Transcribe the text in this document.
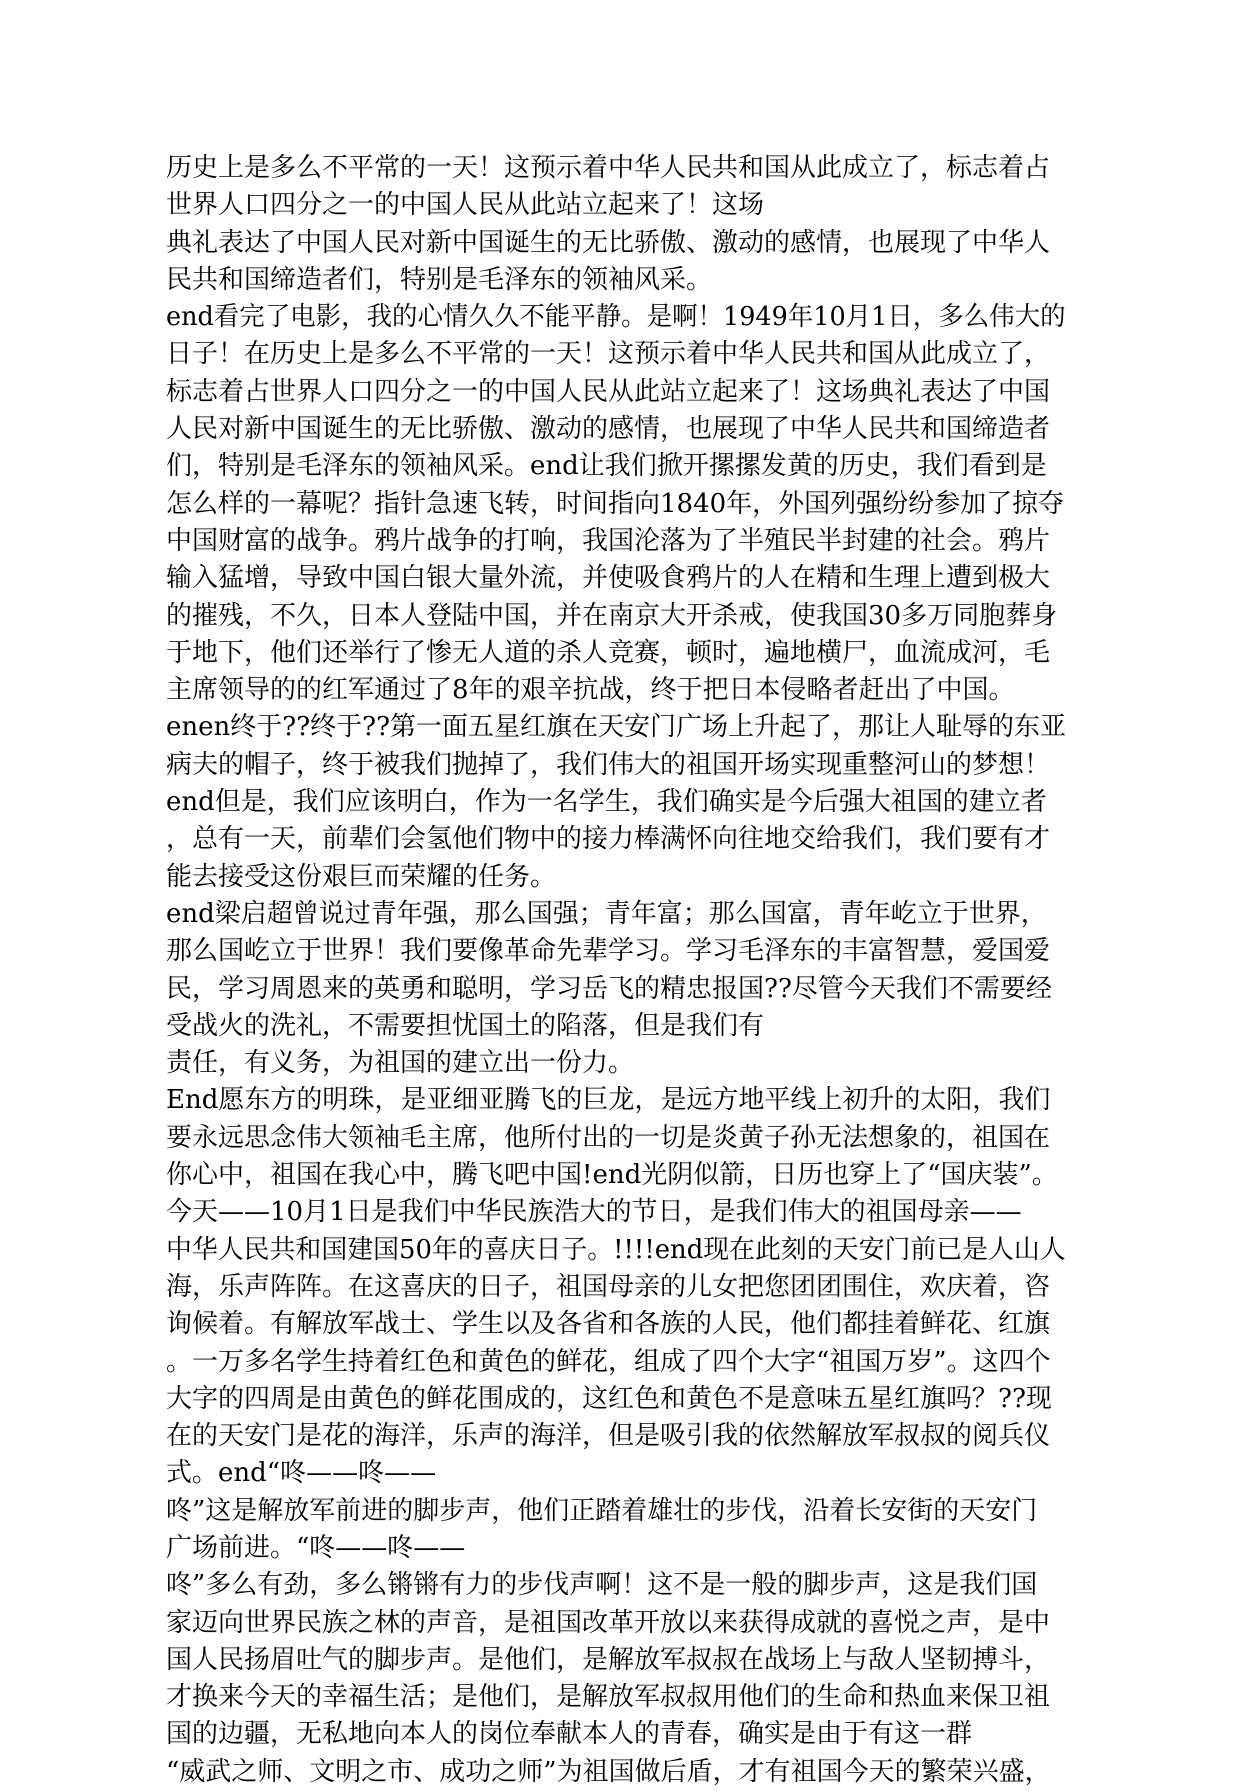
历史上是多么不平常的一天！这预示着中华人民共和国从此成立了，标志着占
世界人口四分之一的中国人民从此站立起来了！这场
典礼表达了中国人民对新中国诞生的无比骄傲、激动的感情，也展现了中华人
民共和国缔造者们，特别是毛泽东的领袖风采。
end看完了电影，我的心情久久不能平静。是啊！1949年10月1日，多么伟大的
日子！在历史上是多么不平常的一天！这预示着中华人民共和国从此成立了，
标志着占世界人口四分之一的中国人民从此站立起来了！这场典礼表达了中国
人民对新中国诞生的无比骄傲、激动的感情，也展现了中华人民共和国缔造者
们，特别是毛泽东的领袖风采。end让我们掀开摞摞发黄的历史，我们看到是
怎么样的一幕呢？指针急速飞转，时间指向1840年，外国列强纷纷参加了掠夺
中国财富的战争。鸦片战争的打响，我国沦落为了半殖民半封建的社会。鸦片
输入猛增，导致中国白银大量外流，并使吸食鸦片的人在精和生理上遭到极大
的摧残，不久，日本人登陆中国，并在南京大开杀戒，使我国30多万同胞葬身
于地下，他们还举行了惨无人道的杀人竞赛，顿时，遍地横尸，血流成河，毛
主席领导的的红军通过了8年的艰辛抗战，终于把日本侵略者赶出了中国。
enen终于??终于??第一面五星红旗在天安门广场上升起了，那让人耻辱的东亚
病夫的帽子，终于被我们抛掉了，我们伟大的祖国开场实现重整河山的梦想！
end但是，我们应该明白，作为一名学生，我们确实是今后强大祖国的建立者
，总有一天，前辈们会氢他们物中的接力棒满怀向往地交给我们，我们要有才
能去接受这份艰巨而荣耀的任务。
end梁启超曾说过青年强，那么国强；青年富；那么国富，青年屹立于世界，
那么国屹立于世界！我们要像革命先辈学习。学习毛泽东的丰富智慧，爱国爱
民，学习周恩来的英勇和聪明，学习岳飞的精忠报国??尽管今天我们不需要经
受战火的洗礼，不需要担忧国土的陷落，但是我们有
责任，有义务，为祖国的建立出一份力。
End愿东方的明珠，是亚细亚腾飞的巨龙，是远方地平线上初升的太阳，我们
要永远思念伟大领袖毛主席，他所付出的一切是炎黄子孙无法想象的，祖国在
你心中，祖国在我心中，腾飞吧中国!end光阴似箭，日历也穿上了“国庆装”。
今天——10月1日是我们中华民族浩大的节日，是我们伟大的祖国母亲——
中华人民共和国建国50年的喜庆日子。!!!!end现在此刻的天安门前已是人山人
海，乐声阵阵。在这喜庆的日子，祖国母亲的儿女把您团团围住，欢庆着，咨
询候着。有解放军战士、学生以及各省和各族的人民，他们都挂着鲜花、红旗
。一万多名学生持着红色和黄色的鲜花，组成了四个大字“祖国万岁”。这四个
大字的四周是由黄色的鲜花围成的，这红色和黄色不是意味五星红旗吗？??现
在的天安门是花的海洋，乐声的海洋，但是吸引我的依然解放军叔叔的阅兵仪
式。end“咚——咚——
咚”这是解放军前进的脚步声，他们正踏着雄壮的步伐，沿着长安街的天安门
广场前进。“咚——咚——
咚”多么有劲，多么锵锵有力的步伐声啊！这不是一般的脚步声，这是我们国
家迈向世界民族之林的声音，是祖国改革开放以来获得成就的喜悦之声，是中
国人民扬眉吐气的脚步声。是他们，是解放军叔叔在战场上与敌人坚韧搏斗，
才换来今天的幸福生活；是他们，是解放军叔叔用他们的生命和热血来保卫祖
国的边疆，无私地向本人的岗位奉献本人的青春，确实是由于有这一群
“威武之师、文明之市、成功之师”为祖国做后盾，才有祖国今天的繁荣兴盛，
